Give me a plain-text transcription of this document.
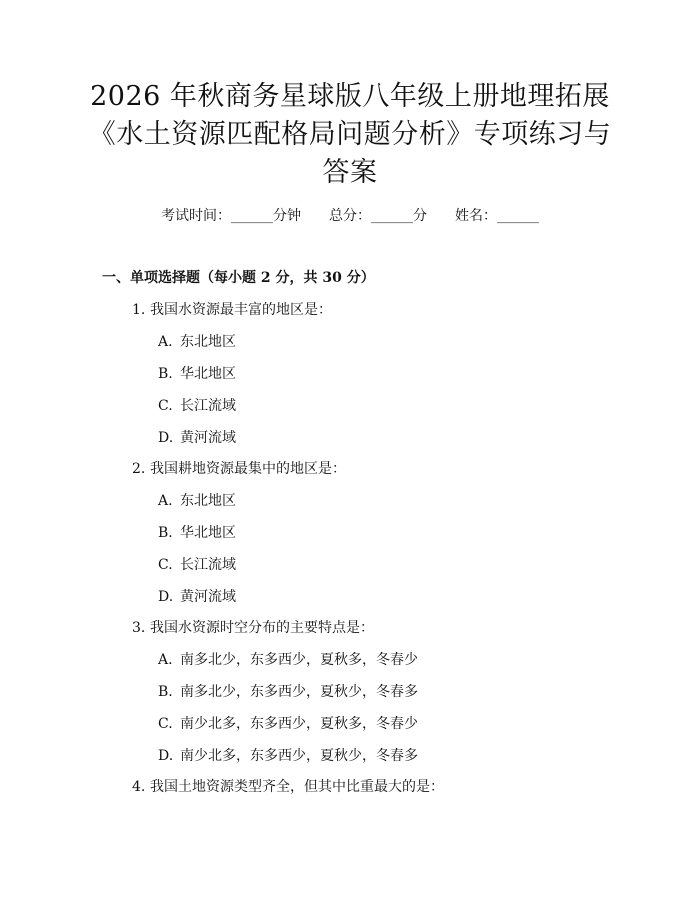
2026 年秋商务星球版八年级上册地理拓展
《水土资源匹配格局问题分析》专项练习与
答案
考试时间：______分钟 总分：______分 姓名：______
一、单项选择题（每小题 2 分，共 30 分）
1. 我国水资源最丰富的地区是：
A. 东北地区
B. 华北地区
C. 长江流域
D. 黄河流域
2. 我国耕地资源最集中的地区是：
A. 东北地区
B. 华北地区
C. 长江流域
D. 黄河流域
3. 我国水资源时空分布的主要特点是：
A. 南多北少，东多西少，夏秋多，冬春少
B. 南多北少，东多西少，夏秋少，冬春多
C. 南少北多，东多西少，夏秋多，冬春少
D. 南少北多，东多西少，夏秋少，冬春多
4. 我国土地资源类型齐全，但其中比重最大的是：
